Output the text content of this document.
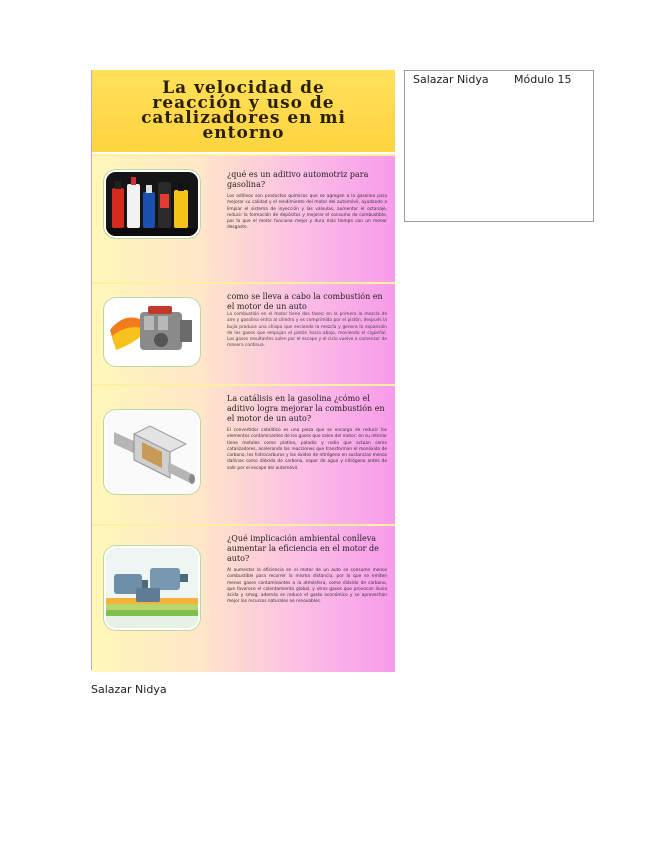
La velocidad de reacción y uso de catalizadores en mi entorno

¿qué es un aditivo automotriz para gasolina?

Los aditivos son productos químicos que se agregan a la gasolina para mejorar su calidad y el rendimiento del motor del automóvil, ayudando a limpiar el sistema de inyección y las válvulas, aumentar el octanaje, reducir la formación de depósitos y mejorar el consumo de combustible, por lo que el motor funciona mejor y dura más tiempo con un menor desgaste.

como se lleva a cabo la combustión en el motor de un auto

La combustión en el motor tiene dos fases; en la primera la mezcla de aire y gasolina entra al cilindro y es comprimida por el pistón, después la bujía produce una chispa que enciende la mezcla y genera la expansión de los gases que empujan el pistón hacia abajo, moviendo el cigüeñal. Los gases resultantes salen por el escape y el ciclo vuelve a comenzar de manera continua.

La catálisis en la gasolina ¿cómo el aditivo logra mejorar la combustión en el motor de un auto?

El convertidor catalítico es una pieza que se encarga de reducir los elementos contaminantes de los gases que salen del motor; en su interior tiene metales como platino, paladio y rodio que actúan como catalizadores, acelerando las reacciones que transforman el monóxido de carbono, los hidrocarburos y los óxidos de nitrógeno en sustancias menos dañinas como dióxido de carbono, vapor de agua y nitrógeno antes de salir por el escape del automóvil.

¿Qué implicación ambiental conlleva aumentar la eficiencia en el motor de auto?

Al aumentar la eficiencia en el motor de un auto se consume menos combustible para recorrer la misma distancia, por lo que se emiten menos gases contaminantes a la atmósfera, como dióxido de carbono, que favorece el calentamiento global, y otros gases que provocan lluvia ácida y smog; además se reduce el gasto económico y se aprovechan mejor los recursos naturales no renovables.

Salazar Nidya Módulo 15
Salazar Nidya
